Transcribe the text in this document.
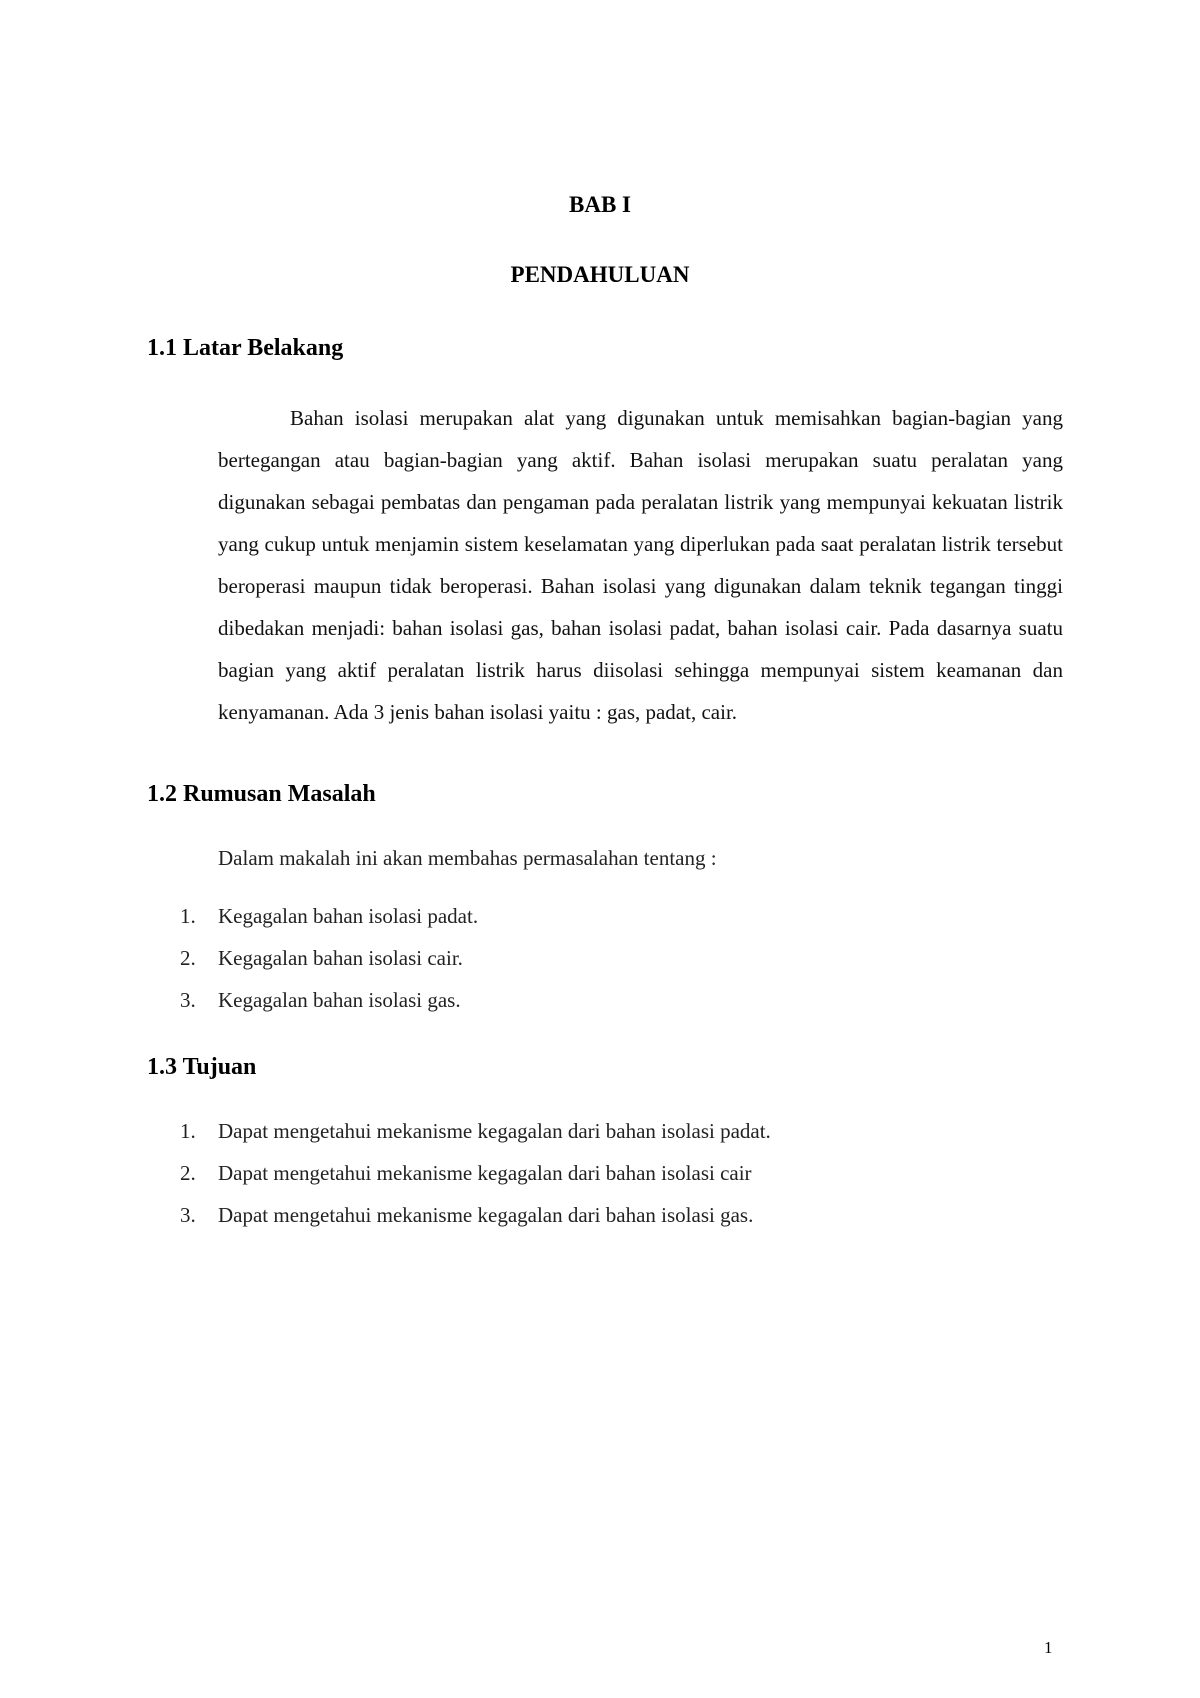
BAB I
PENDAHULUAN
1.1 Latar Belakang

Bahan isolasi merupakan alat yang digunakan untuk memisahkan bagian-bagian yang bertegangan atau bagian-bagian yang aktif. Bahan isolasi merupakan suatu peralatan yang digunakan sebagai pembatas dan pengaman pada peralatan listrik yang mempunyai kekuatan listrik yang cukup untuk menjamin sistem keselamatan yang diperlukan pada saat peralatan listrik tersebut beroperasi maupun tidak beroperasi. Bahan isolasi yang digunakan dalam teknik tegangan tinggi dibedakan menjadi: bahan isolasi gas, bahan isolasi padat, bahan isolasi cair. Pada dasarnya suatu bagian yang aktif peralatan listrik harus diisolasi sehingga mempunyai sistem keamanan dan kenyamanan. Ada 3 jenis bahan isolasi yaitu : gas, padat, cair.

1.2 Rumusan Masalah

Dalam makalah ini akan membahas permasalahan tentang :

1.	Kegagalan bahan isolasi padat.
2.	Kegagalan bahan isolasi cair.
3.	Kegagalan bahan isolasi gas.
1.3 Tujuan
1.	Dapat mengetahui mekanisme kegagalan dari bahan isolasi padat.
2.	Dapat mengetahui mekanisme kegagalan dari bahan isolasi cair
3.	Dapat mengetahui mekanisme kegagalan dari bahan isolasi gas.
1
